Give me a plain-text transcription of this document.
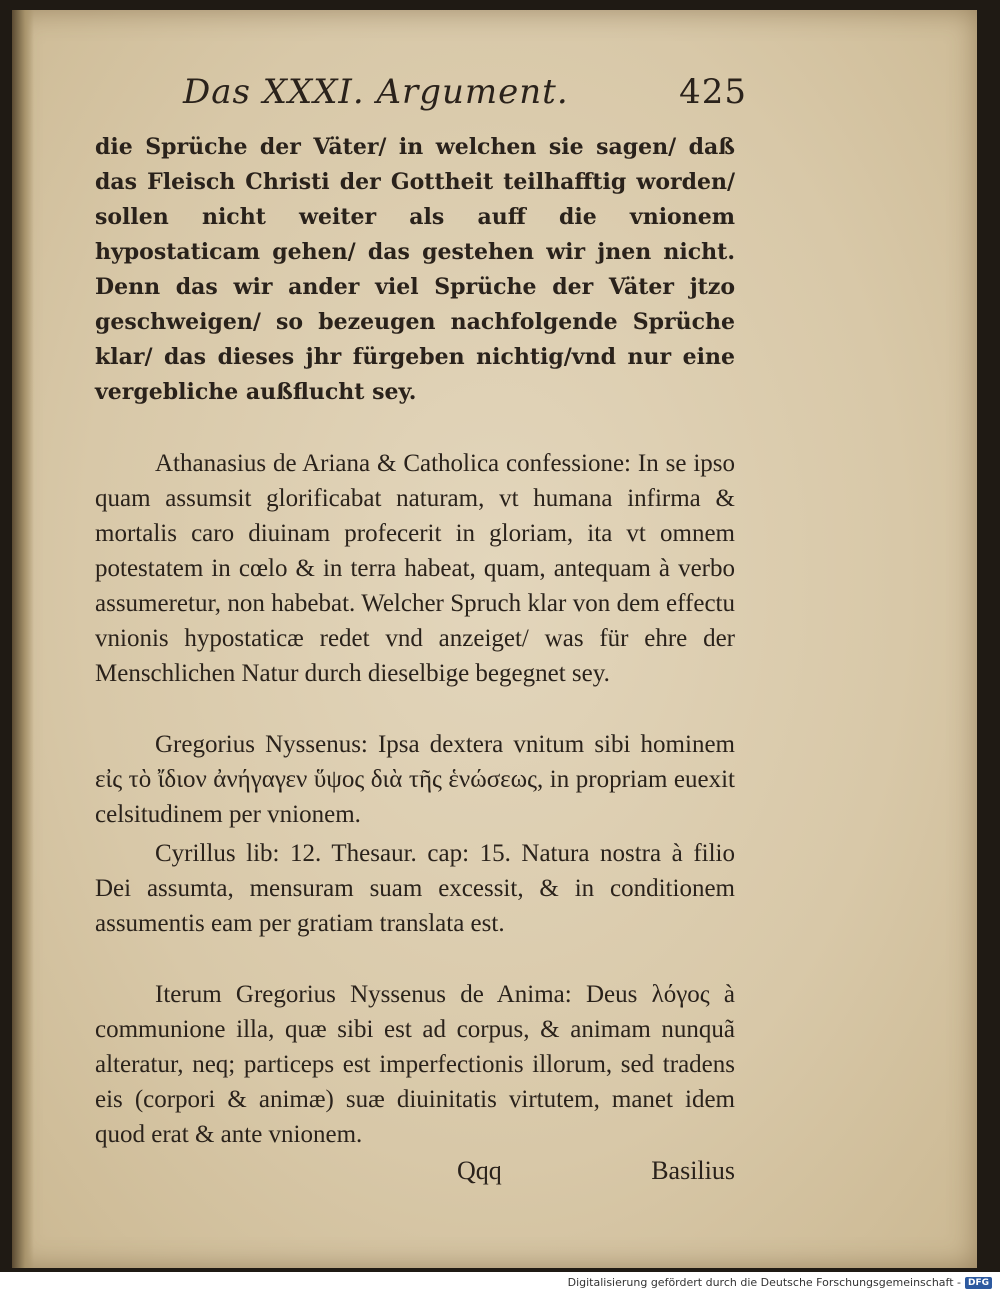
Das XXXI. Argument.	425

die Sprüche der Väter/ in welchen sie sagen/ daß das Fleisch Christi der Gottheit teilhafftig worden/ sollen nicht weiter als auff die vnionem hypostaticam gehen/ das gestehen wir jnen nicht. Denn das wir ander viel Sprüche der Väter jtzo geschweigen/ so bezeugen nachfolgende Sprüche klar/ das dieses jhr fürgeben nichtig/vnd nur eine vergebliche außflucht sey.

Athanasius de Ariana & Catholica confessione: In se ipso quam assumsit glorificabat naturam, vt humana infirma & mortalis caro diuinam profecerit in gloriam, ita vt omnem potestatem in cœlo & in terra habeat, quam, antequam à verbo assumeretur, non habebat. Welcher Spruch klar von dem effectu vnionis hypostaticæ redet vnd anzeiget/ was für ehre der Menschlichen Natur durch dieselbige begegnet sey.

Gregorius Nyssenus: Ipsa dextera vnitum sibi hominem εἰς τὸ ἴδιον ἀνήγαγεν ὕψος διὰ τῆς ἑνώσεως, in propriam euexit celsitudinem per vnionem.

Cyrillus lib: 12. Thesaur. cap: 15. Natura nostra à filio Dei assumta, mensuram suam excessit, & in conditionem assumentis eam per gratiam translata est.

Iterum Gregorius Nyssenus de Anima: Deus λόγος à communione illa, quæ sibi est ad corpus, & animam nunquã alteratur, neq; particeps est imperfectionis illorum, sed tradens eis (corpori & animæ) suæ diuinitatis virtutem, manet idem quod erat & ante vnionem.

Qqq	Basilius
Digitalisierung gefördert durch die Deutsche Forschungsgemeinschaft - DFG
